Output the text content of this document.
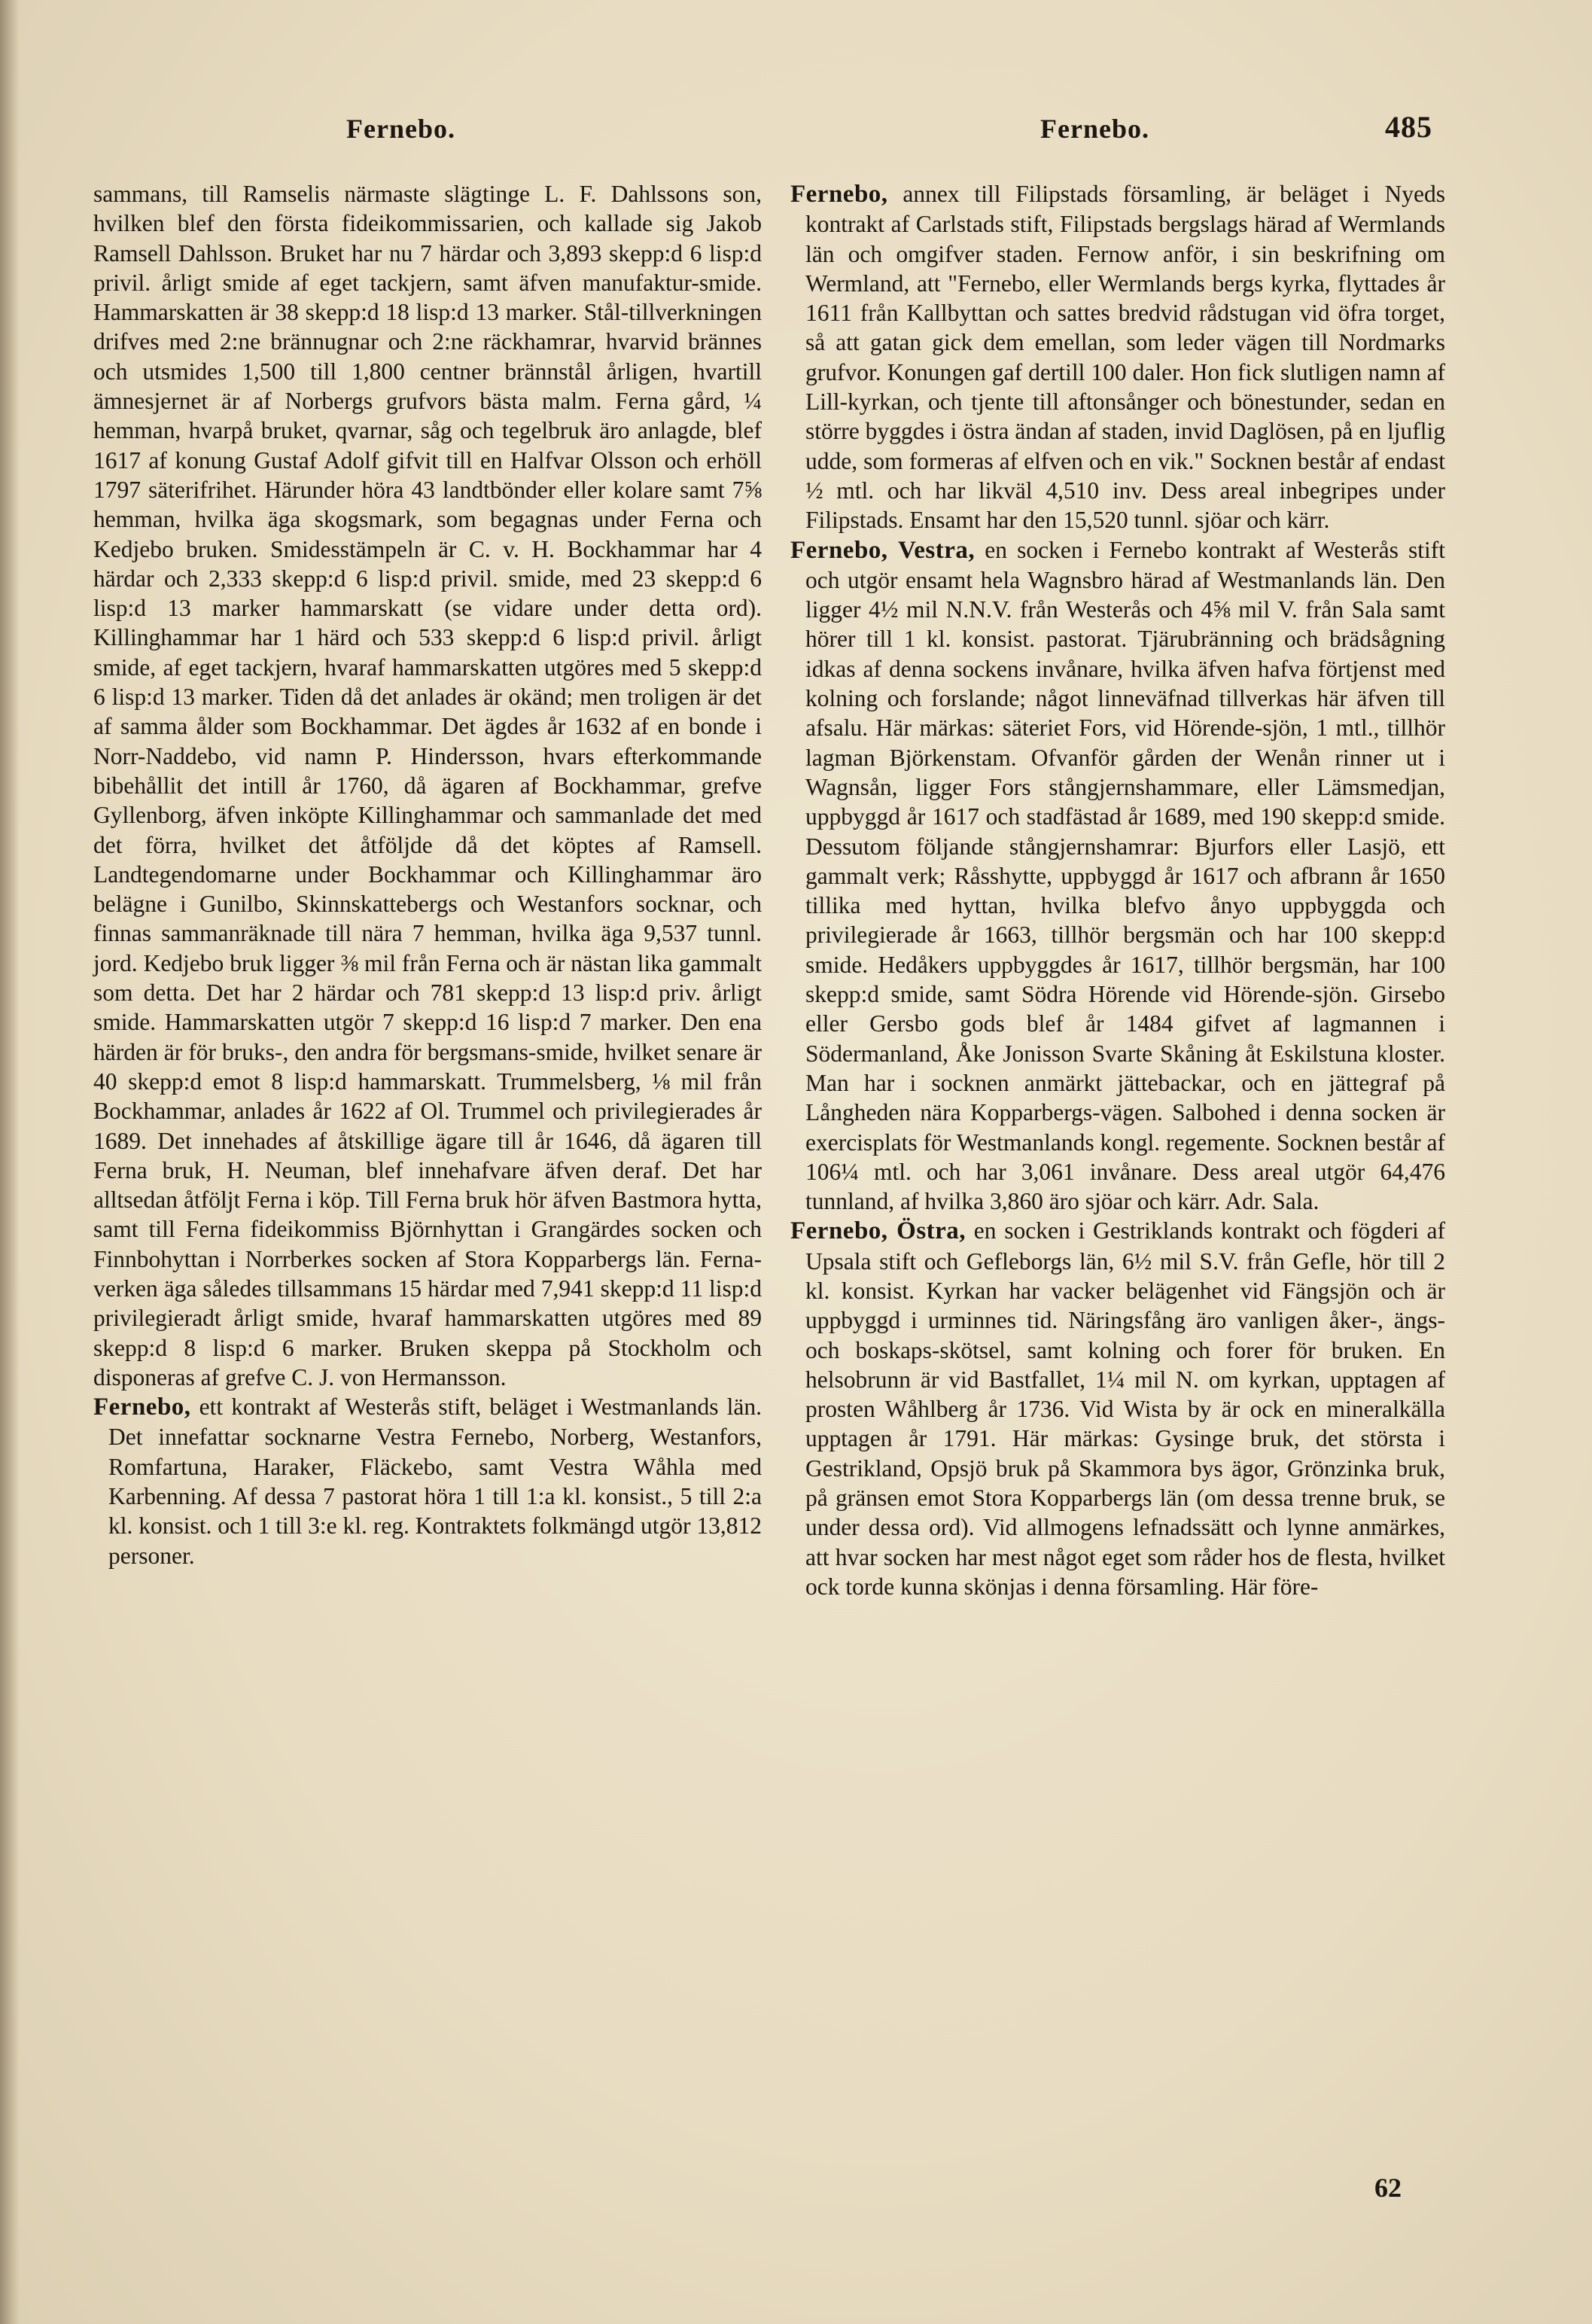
Fernebo.	Fernebo.	485

sammans, till Ramselis närmaste slägtinge L. F. Dahlssons son, hvilken blef den första fideikommissarien, och kallade sig Jakob Ramsell Dahlsson. Bruket har nu 7 härdar och 3,893 skepp:d 6 lisp:d privil. årligt smide af eget tackjern, samt äfven manufaktur-smide. Hammarskatten är 38 skepp:d 18 lisp:d 13 marker. Stål-tillverkningen drifves med 2:ne brännugnar och 2:ne räckhamrar, hvarvid brännes och utsmides 1,500 till 1,800 centner brännstål årligen, hvartill ämnesjernet är af Norbergs grufvors bästa malm. Ferna gård, ¼ hemman, hvarpå bruket, qvarnar, såg och tegelbruk äro anlagde, blef 1617 af konung Gustaf Adolf gifvit till en Halfvar Olsson och erhöll 1797 säterifrihet. Härunder höra 43 landtbönder eller kolare samt 7⅝ hemman, hvilka äga skogsmark, som begagnas under Ferna och Kedjebo bruken. Smidesstämpeln är C. v. H. Bockhammar har 4 härdar och 2,333 skepp:d 6 lisp:d privil. smide, med 23 skepp:d 6 lisp:d 13 marker hammarskatt (se vidare under detta ord). Killinghammar har 1 härd och 533 skepp:d 6 lisp:d privil. årligt smide, af eget tackjern, hvaraf hammarskatten utgöres med 5 skepp:d 6 lisp:d 13 marker. Tiden då det anlades är okänd; men troligen är det af samma ålder som Bockhammar. Det ägdes år 1632 af en bonde i Norr-Naddebo, vid namn P. Hindersson, hvars efterkommande bibehållit det intill år 1760, då ägaren af Bockhammar, grefve Gyllenborg, äfven inköpte Killinghammar och sammanlade det med det förra, hvilket det åtföljde då det köptes af Ramsell. Landtegendomarne under Bockhammar och Killinghammar äro belägne i Gunilbo, Skinnskattebergs och Westanfors socknar, och finnas sammanräknade till nära 7 hemman, hvilka äga 9,537 tunnl. jord. Kedjebo bruk ligger ⅜ mil från Ferna och är nästan lika gammalt som detta. Det har 2 härdar och 781 skepp:d 13 lisp:d priv. årligt smide. Hammarskatten utgör 7 skepp:d 16 lisp:d 7 marker. Den ena härden är för bruks-, den andra för bergsmans-smide, hvilket senare är 40 skepp:d emot 8 lisp:d hammarskatt. Trummelsberg, ⅛ mil från Bockhammar, anlades år 1622 af Ol. Trummel och privilegierades år 1689. Det innehades af åtskillige ägare till år 1646, då ägaren till Ferna bruk, H. Neuman, blef innehafvare äfven deraf. Det har alltsedan åtföljt Ferna i köp. Till Ferna bruk hör äfven Bastmora hytta, samt till Ferna fideikommiss Björnhyttan i Grangärdes socken och Finnbohyttan i Norrberkes socken af Stora Kopparbergs län. Ferna-verken äga således tillsammans 15 härdar med 7,941 skepp:d 11 lisp:d privilegieradt årligt smide, hvaraf hammarskatten utgöres med 89 skepp:d 8 lisp:d 6 marker. Bruken skeppa på Stockholm och disponeras af grefve C. J. von Hermansson.

Fernebo, ett kontrakt af Westerås stift, beläget i Westmanlands län. Det innefattar socknarne Vestra Fernebo, Norberg, Westanfors, Romfartuna, Haraker, Fläckebo, samt Vestra Wåhla med Karbenning. Af dessa 7 pastorat höra 1 till 1:a kl. konsist., 5 till 2:a kl. konsist. och 1 till 3:e kl. reg. Kontraktets folkmängd utgör 13,812 personer.

Fernebo, annex till Filipstads församling, är beläget i Nyeds kontrakt af Carlstads stift, Filipstads bergslags härad af Wermlands län och omgifver staden. Fernow anför, i sin beskrifning om Wermland, att "Fernebo, eller Wermlands bergs kyrka, flyttades år 1611 från Kallbyttan och sattes bredvid rådstugan vid öfra torget, så att gatan gick dem emellan, som leder vägen till Nordmarks grufvor. Konungen gaf dertill 100 daler. Hon fick slutligen namn af Lill-kyrkan, och tjente till aftonsånger och bönestunder, sedan en större byggdes i östra ändan af staden, invid Daglösen, på en ljuflig udde, som formeras af elfven och en vik." Socknen består af endast ½ mtl. och har likväl 4,510 inv. Dess areal inbegripes under Filipstads. Ensamt har den 15,520 tunnl. sjöar och kärr.

Fernebo, Vestra, en socken i Fernebo kontrakt af Westerås stift och utgör ensamt hela Wagnsbro härad af Westmanlands län. Den ligger 4½ mil N.N.V. från Westerås och 4⅝ mil V. från Sala samt hörer till 1 kl. konsist. pastorat. Tjärubränning och brädsågning idkas af denna sockens invånare, hvilka äfven hafva förtjenst med kolning och forslande; något linneväfnad tillverkas här äfven till afsalu. Här märkas: säteriet Fors, vid Hörende-sjön, 1 mtl., tillhör lagman Björkenstam. Ofvanför gården der Wenån rinner ut i Wagnsån, ligger Fors stångjernshammare, eller Lämsmedjan, uppbyggd år 1617 och stadfästad år 1689, med 190 skepp:d smide. Dessutom följande stångjernshamrar: Bjurfors eller Lasjö, ett gammalt verk; Råsshytte, uppbyggd år 1617 och afbrann år 1650 tillika med hyttan, hvilka blefvo ånyo uppbyggda och privilegierade år 1663, tillhör bergsmän och har 100 skepp:d smide. Hedåkers uppbyggdes år 1617, tillhör bergsmän, har 100 skepp:d smide, samt Södra Hörende vid Hörende-sjön. Girsebo eller Gersbo gods blef år 1484 gifvet af lagmannen i Södermanland, Åke Jonisson Svarte Skåning åt Eskilstuna kloster. Man har i socknen anmärkt jättebackar, och en jättegraf på Långheden nära Kopparbergs-vägen. Salbohed i denna socken är exercisplats för Westmanlands kongl. regemente. Socknen består af 106¼ mtl. och har 3,061 invånare. Dess areal utgör 64,476 tunnland, af hvilka 3,860 äro sjöar och kärr. Adr. Sala.

Fernebo, Östra, en socken i Gestriklands kontrakt och fögderi af Upsala stift och Gefleborgs län, 6½ mil S.V. från Gefle, hör till 2 kl. konsist. Kyrkan har vacker belägenhet vid Fängsjön och är uppbyggd i urminnes tid. Näringsfång äro vanligen åker-, ängs- och boskaps-skötsel, samt kolning och forer för bruken. En helsobrunn är vid Bastfallet, 1¼ mil N. om kyrkan, upptagen af prosten Wåhlberg år 1736. Vid Wista by är ock en mineralkälla upptagen år 1791. Här märkas: Gysinge bruk, det största i Gestrikland, Opsjö bruk på Skammora bys ägor, Grönzinka bruk, på gränsen emot Stora Kopparbergs län (om dessa trenne bruk, se under dessa ord). Vid allmogens lefnadssätt och lynne anmärkes, att hvar socken har mest något eget som råder hos de flesta, hvilket ock torde kunna skönjas i denna församling. Här före-

62
